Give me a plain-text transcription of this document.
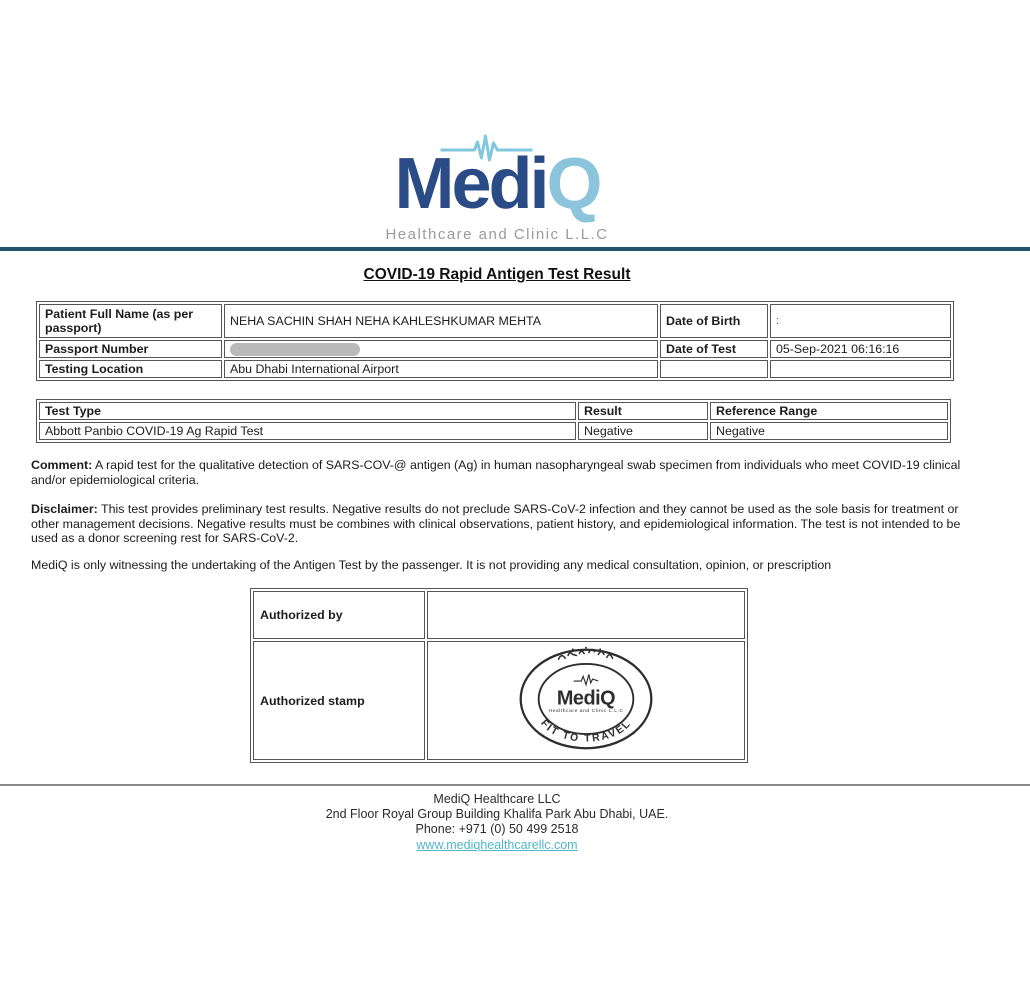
MediQ
Healthcare and Clinic L.L.C
COVID-19 Rapid Antigen Test Result
Patient Full Name (as per passport)	NEHA SACHIN SHAH NEHA KAHLESHKUMAR MEHTA	Date of Birth	:
Passport Number		Date of Test	05-Sep-2021 06:16:16
Testing Location	Abu Dhabi International Airport		
Test Type	Result	Reference Range
Abbott Panbio COVID-19 Ag Rapid Test	Negative	Negative
Comment: A rapid test for the qualitative detection of SARS-COV-@ antigen (Ag) in human nasopharyngeal swab specimen from individuals who meet COVID-19 clinical and/or epidemiological criteria.
Disclaimer: This test provides preliminary test results. Negative results do not preclude SARS-CoV-2 infection and they cannot be used as the sole basis for treatment or other management decisions. Negative results must be combines with clinical observations, patient history, and epidemiological information. The test is not intended to be used as a donor screening rest for SARS-CoV-2.
MediQ is only witnessing the undertaking of the Antigen Test by the passenger. It is not providing any medical consultation, opinion, or prescription
Authorized by	
Authorized stamp	MediQ
Healthcare and Clinic L.L.C
FIT TO TRAVEL
MediQ Healthcare LLC
2nd Floor Royal Group Building Khalifa Park Abu Dhabi, UAE.
Phone: +971 (0) 50 499 2518
www.mediqhealthcarellc.com
